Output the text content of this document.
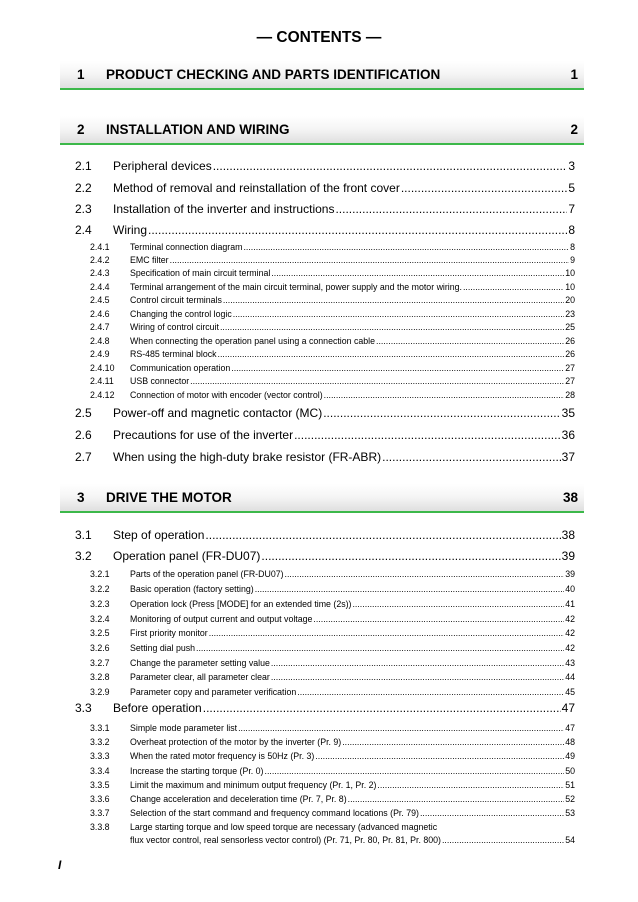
— CONTENTS —
1 PRODUCT CHECKING AND PARTS IDENTIFICATION	1
2 INSTALLATION AND WIRING	2
2.1	Peripheral devices .....	3
2.2	Method of removal and reinstallation of the front cover .....	5
2.3	Installation of the inverter and instructions .....	7
2.4	Wiring .....	8
2.4.1	Terminal connection diagram .....	8
2.4.2	EMC filter .....	9
2.4.3	Specification of main circuit terminal .....	10
2.4.4	Terminal arrangement of the main circuit terminal, power supply and the motor wiring. .....	10
2.4.5	Control circuit terminals .....	20
2.4.6	Changing the control logic .....	23
2.4.7	Wiring of control circuit .....	25
2.4.8	When connecting the operation panel using a connection cable .....	26
2.4.9	RS-485 terminal block .....	26
2.4.10	Communication operation .....	27
2.4.11	USB connector .....	27
2.4.12	Connection of motor with encoder (vector control) .....	28
2.5	Power-off and magnetic contactor (MC) .....	35
2.6	Precautions for use of the inverter .....	36
2.7	When using the high-duty brake resistor (FR-ABR) .....	37
3 DRIVE THE MOTOR	38
3.1	Step of operation .....	38
3.2	Operation panel (FR-DU07) .....	39
3.2.1	Parts of the operation panel (FR-DU07) .....	39
3.2.2	Basic operation (factory setting) .....	40
3.2.3	Operation lock (Press [MODE] for an extended time (2s)) .....	41
3.2.4	Monitoring of output current and output voltage .....	42
3.2.5	First priority monitor .....	42
3.2.6	Setting dial push .....	42
3.2.7	Change the parameter setting value .....	43
3.2.8	Parameter clear, all parameter clear .....	44
3.2.9	Parameter copy and parameter verification .....	45
3.3	Before operation .....	47
3.3.1	Simple mode parameter list .....	47
3.3.2	Overheat protection of the motor by the inverter (Pr. 9) .....	48
3.3.3	When the rated motor frequency is 50Hz (Pr. 3) .....	49
3.3.4	Increase the starting torque (Pr. 0) .....	50
3.3.5	Limit the maximum and minimum output frequency (Pr. 1, Pr. 2) .....	51
3.3.6	Change acceleration and deceleration time (Pr. 7, Pr. 8) .....	52
3.3.7	Selection of the start command and frequency command locations (Pr. 79) .....	53
3.3.8 Large starting torque and low speed torque are necessary (advanced magnetic
flux vector control, real sensorless vector control) (Pr. 71, Pr. 80, Pr. 81, Pr. 800) .....	54
I
